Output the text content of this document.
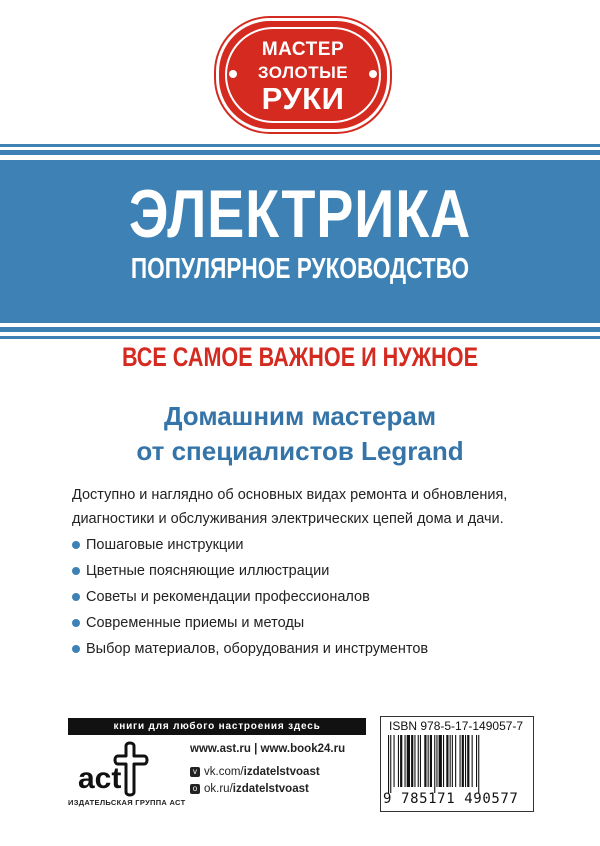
МАСТЕР
ЗОЛОТЫЕ
РУКИ
ЭЛЕКТРИКА
ПОПУЛЯРНОЕ РУКОВОДСТВО
ВСЕ САМОЕ ВАЖНОЕ И НУЖНОЕ
Домашним мастерам
от специалистов Legrand
Доступно и наглядно об основных видах ремонта и обновления,
диагностики и обслуживания электрических цепей дома и дачи.
Пошаговые инструкции
Цветные поясняющие иллюстрации
Советы и рекомендации профессионалов
Современные приемы и методы
Выбор материалов, оборудования и инструментов
книги для любого настроения здесь
act
ИЗДАТЕЛЬСКАЯ ГРУППА АСТ
www.ast.ru | www.book24.ru
v vk.com/izdatelstvoast
o ok.ru/izdatelstvoast
ISBN 978-5-17-149057-7
9 785171 490577
